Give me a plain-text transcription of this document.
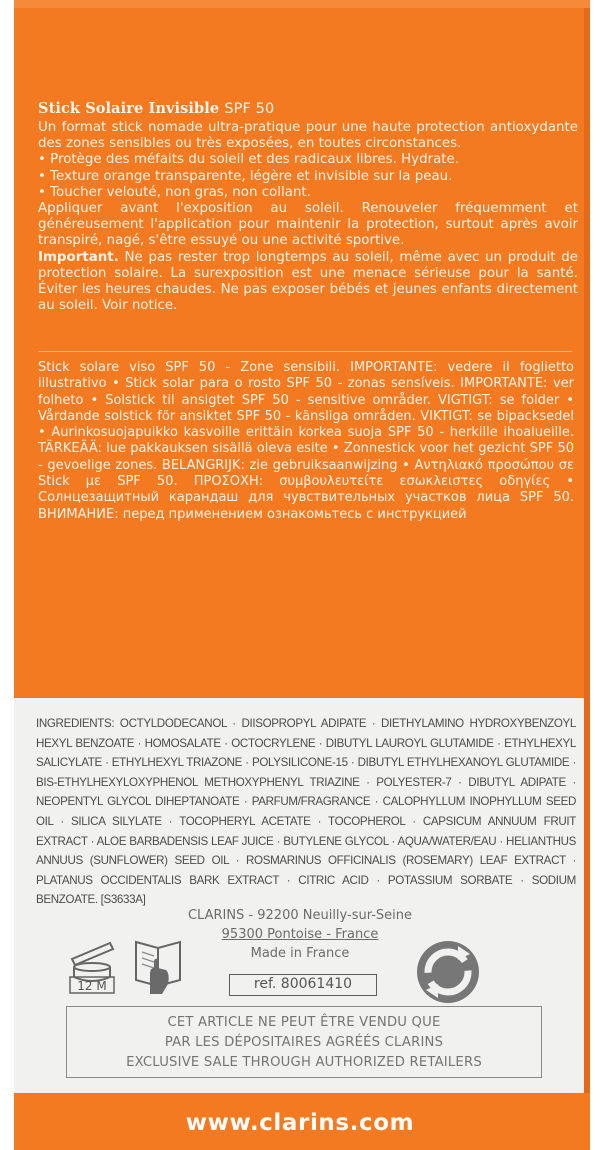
Stick Solaire Invisible SPF 50

Un format stick nomade ultra-pratique pour une haute protection antioxydante des zones sensibles ou très exposées, en toutes circonstances.

• Protège des méfaits du soleil et des radicaux libres. Hydrate.

• Texture orange transparente, légère et invisible sur la peau.

• Toucher velouté, non gras, non collant.

Appliquer avant l'exposition au soleil. Renouveler fréquemment et généreusement l'application pour maintenir la protection, surtout après avoir transpiré, nagé, s'être essuyé ou une activité sportive.

Important. Ne pas rester trop longtemps au soleil, même avec un produit de protection solaire. La surexposition est une menace sérieuse pour la santé. Éviter les heures chaudes. Ne pas exposer bébés et jeunes enfants directement au soleil. Voir notice.

Stick solare viso SPF 50 - Zone sensibili. IMPORTANTE: vedere il foglietto illustrativo • Stick solar para o rosto SPF 50 - zonas sensíveis. IMPORTANTE: ver folheto • Solstick til ansigtet SPF 50 - sensitive områder. VIGTIGT: se folder • Vårdande solstick för ansiktet SPF 50 - känsliga områden. VIKTIGT: se bipacksedel • Aurinkosuojapuikko kasvoille erittäin korkea suoja SPF 50 - herkille ihoalueille. TÄRKEÄÄ: lue pakkauksen sisällä oleva esite • Zonnestick voor het gezicht SPF 50 - gevoelige zones. BELANGRIJK: zie gebruiksaanwijzing • Αντηλιακό προσώπου σε Stick με SPF 50. ΠΡΟΣΟΧΗ: συμβουλευτείτε εσωκλειστες οδηγίες • Солнцезащитный карандаш для чувствительных участков лица SPF 50. ВНИМАНИЕ: перед применением ознакомьтесь с инструкцией
INGREDIENTS: OCTYLDODECANOL · DIISOPROPYL ADIPATE · DIETHYLAMINO HYDROXYBENZOYL HEXYL BENZOATE · HOMOSALATE · OCTOCRYLENE · DIBUTYL LAUROYL GLUTAMIDE · ETHYLHEXYL SALICYLATE · ETHYLHEXYL TRIAZONE · POLYSILICONE-15 · DIBUTYL ETHYLHEXANOYL GLUTAMIDE · BIS-ETHYLHEXYLOXYPHENOL METHOXYPHENYL TRIAZINE · POLYESTER-7 · DIBUTYL ADIPATE · NEOPENTYL GLYCOL DIHEPTANOATE · PARFUM/FRAGRANCE · CALOPHYLLUM INOPHYLLUM SEED OIL · SILICA SILYLATE · TOCOPHERYL ACETATE · TOCOPHEROL · CAPSICUM ANNUUM FRUIT EXTRACT · ALOE BARBADENSIS LEAF JUICE · BUTYLENE GLYCOL · AQUA/WATER/EAU · HELIANTHUS ANNUUS (SUNFLOWER) SEED OIL · ROSMARINUS OFFICINALIS (ROSEMARY) LEAF EXTRACT · PLATANUS OCCIDENTALIS BARK EXTRACT · CITRIC ACID · POTASSIUM SORBATE · SODIUM BENZOATE. [S3633A]
CLARINS - 92200 Neuilly-sur-Seine
95300 Pontoise - France
Made in France
12 M	ref. 80061410
CET ARTICLE NE PEUT ÊTRE VENDU QUE
PAR LES DÉPOSITAIRES AGRÉÉS CLARINS
EXCLUSIVE SALE THROUGH AUTHORIZED RETAILERS
www.clarins.com
